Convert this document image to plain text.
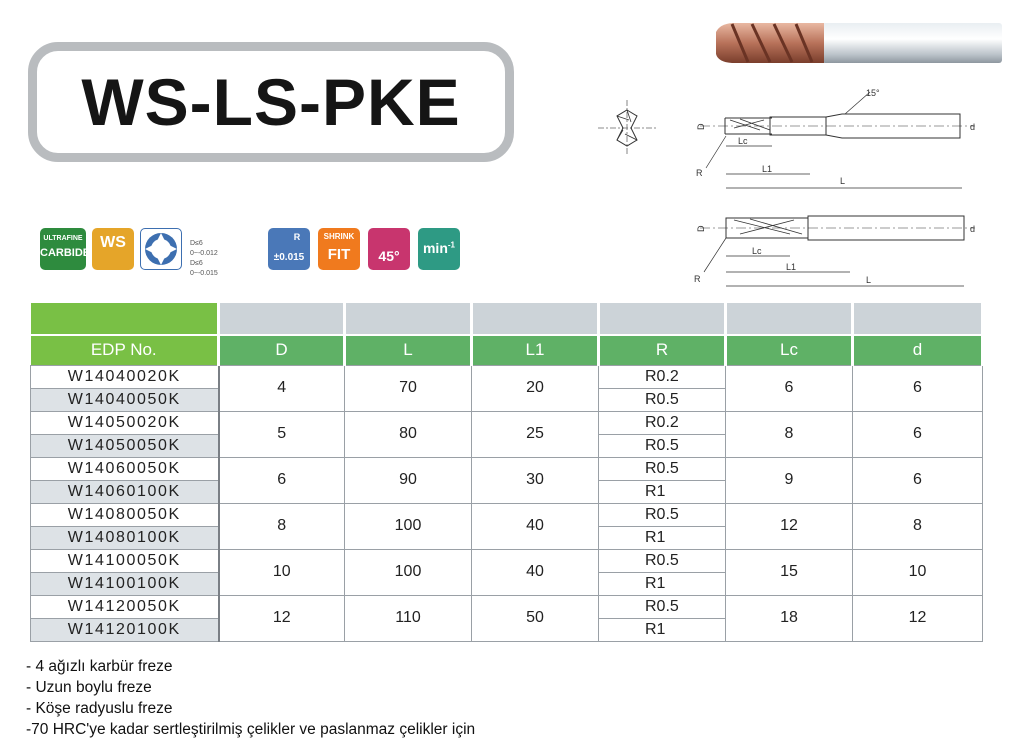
WS-LS-PKE	15°
D	d
Lc
L1
L
R
D	d
Lc
L1
L
R
ULTRAFINE
CARBIDE
WS	D≤6 0~-0.012
D≤6 0~-0.015
R
±0.015
SHRINK
FIT	45°	$\min^{-1}$

EDP No.	D	L	L1	R	Lc	d
W14040020K	4	70	20	R0.2	6	6
W14040050K				R0.5		
W14050020K	5	80	25	R0.2	8	6
W14050050K				R0.5		
W14060050K	6	90	30	R0.5	9	6
W14060100K				R1		
W14080050K	8	100	40	R0.5	12	8
W14080100K				R1		
W14100050K	10	100	40	R0.5	15	10
W14100100K				R1		
W14120050K	12	110	50	R0.5	18	12
W14120100K				R1		
- 4 ağızlı karbür freze
- Uzun boylu freze
- Köşe radyuslu freze
-70 HRC'ye kadar sertleştirilmiş çelikler ve paslanmaz çelikler için
